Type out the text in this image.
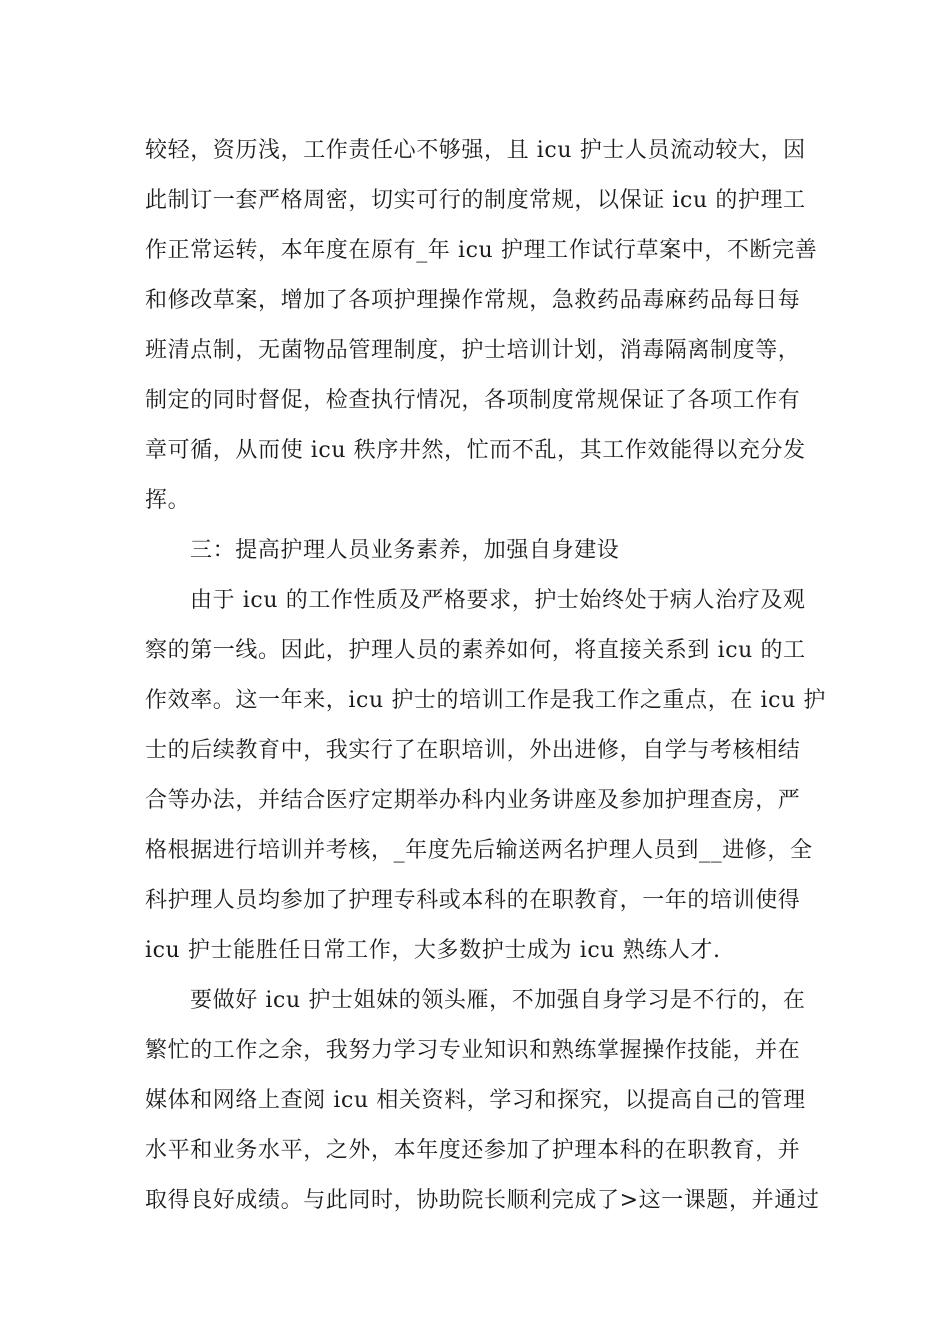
较轻，资历浅，工作责任心不够强，且 icu 护士人员流动较大，因
此制订一套严格周密，切实可行的制度常规，以保证 icu 的护理工
作正常运转，本年度在原有_年 icu 护理工作试行草案中，不断完善
和修改草案，增加了各项护理操作常规，急救药品毒麻药品每日每
班清点制，无菌物品管理制度，护士培训计划，消毒隔离制度等，
制定的同时督促，检查执行情况，各项制度常规保证了各项工作有
章可循，从而使 icu 秩序井然，忙而不乱，其工作效能得以充分发
挥。
三：提高护理人员业务素养，加强自身建设
由于 icu 的工作性质及严格要求，护士始终处于病人治疗及观
察的第一线。因此，护理人员的素养如何，将直接关系到 icu 的工
作效率。这一年来，icu 护士的培训工作是我工作之重点，在 icu 护
士的后续教育中，我实行了在职培训，外出进修，自学与考核相结
合等办法，并结合医疗定期举办科内业务讲座及参加护理查房，严
格根据进行培训并考核，_年度先后输送两名护理人员到__进修，全
科护理人员均参加了护理专科或本科的在职教育，一年的培训使得
icu 护士能胜任日常工作，大多数护士成为 icu 熟练人才.
要做好 icu 护士姐妹的领头雁，不加强自身学习是不行的，在
繁忙的工作之余，我努力学习专业知识和熟练掌握操作技能，并在
媒体和网络上查阅 icu 相关资料，学习和探究，以提高自己的管理
水平和业务水平，之外，本年度还参加了护理本科的在职教育，并
取得良好成绩。与此同时，协助院长顺利完成了>这一课题，并通过
